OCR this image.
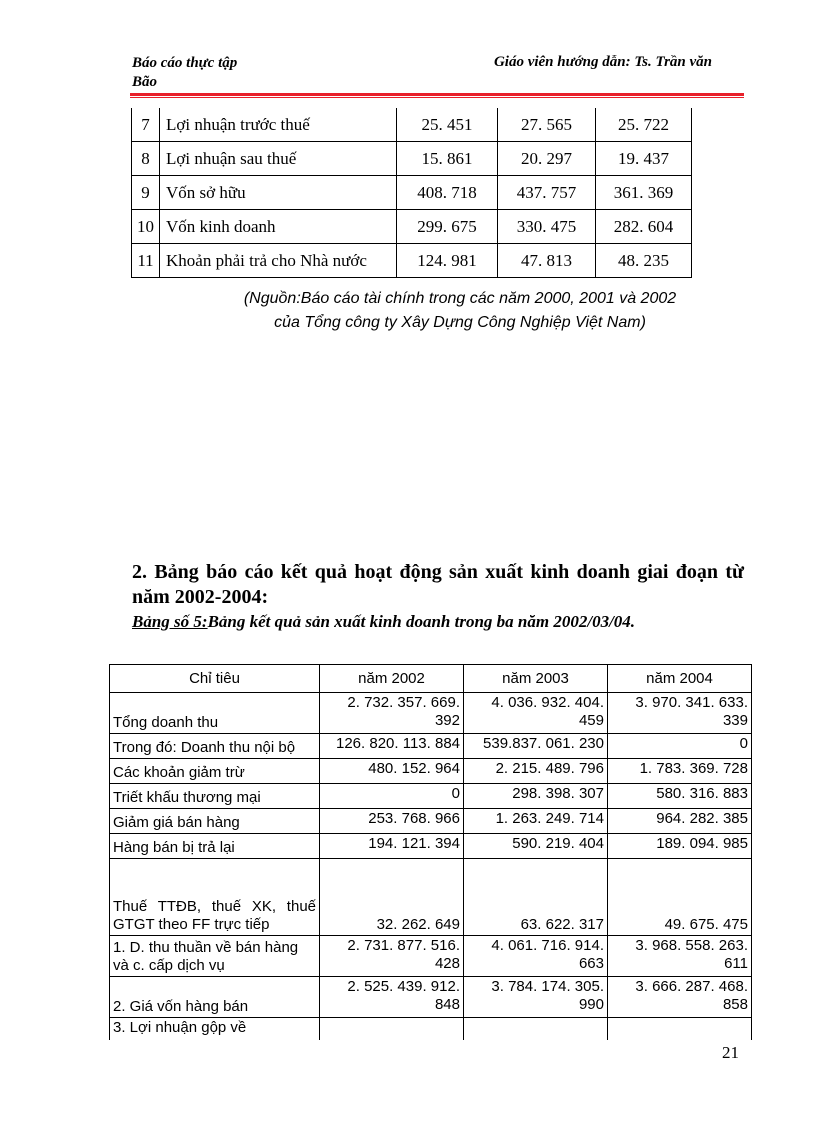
Báo cáo thực tập
Bão
Giáo viên hướng dẫn: Ts. Trần văn
7	Lợi nhuận trước thuế	25. 451	27. 565	25. 722
8	Lợi nhuận sau thuế	15. 861	20. 297	19. 437
9	Vốn sở hữu	408. 718	437. 757	361. 369
10	Vốn kinh doanh	299. 675	330. 475	282. 604
11	Khoản phải trả cho Nhà nước	124. 981	47. 813	48. 235
(Nguồn:Báo cáo tài chính trong các năm 2000, 2001 và 2002
của Tổng công ty Xây Dựng Công Nghiệp Việt Nam)
2. Bảng báo cáo kết quả hoạt động sản xuất kinh doanh giai đoạn từ năm 2002-2004:
Bảng số 5:Bảng kết quả sản xuất kinh doanh trong ba năm 2002/03/04.
Chỉ tiêu	năm 2002	năm 2003	năm 2004
Tổng doanh thu	2. 732. 357. 669. 392	4. 036. 932. 404. 459	3. 970. 341. 633. 339
Trong đó: Doanh thu nội bộ	126. 820. 113. 884	539.837. 061. 230	0
Các khoản giảm trừ	480. 152. 964	2. 215. 489. 796	1. 783. 369. 728
Triết khấu thương mại	0	298. 398. 307	580. 316. 883
Giảm giá bán hàng	253. 768. 966	1. 263. 249. 714	964. 282. 385
Hàng bán bị trả lại	194. 121. 394	590. 219. 404	189. 094. 985
Thuế TTĐB, thuế XK, thuế GTGT theo FF trực tiếp	32. 262. 649	63. 622. 317	49. 675. 475
1. D. thu thuần về bán hàng và c. cấp dịch vụ	2. 731. 877. 516. 428	4. 061. 716. 914. 663	3. 968. 558. 263. 611
2. Giá vốn hàng bán	2. 525. 439. 912. 848	3. 784. 174. 305. 990	3. 666. 287. 468. 858
3. Lợi nhuận gộp về			
21
